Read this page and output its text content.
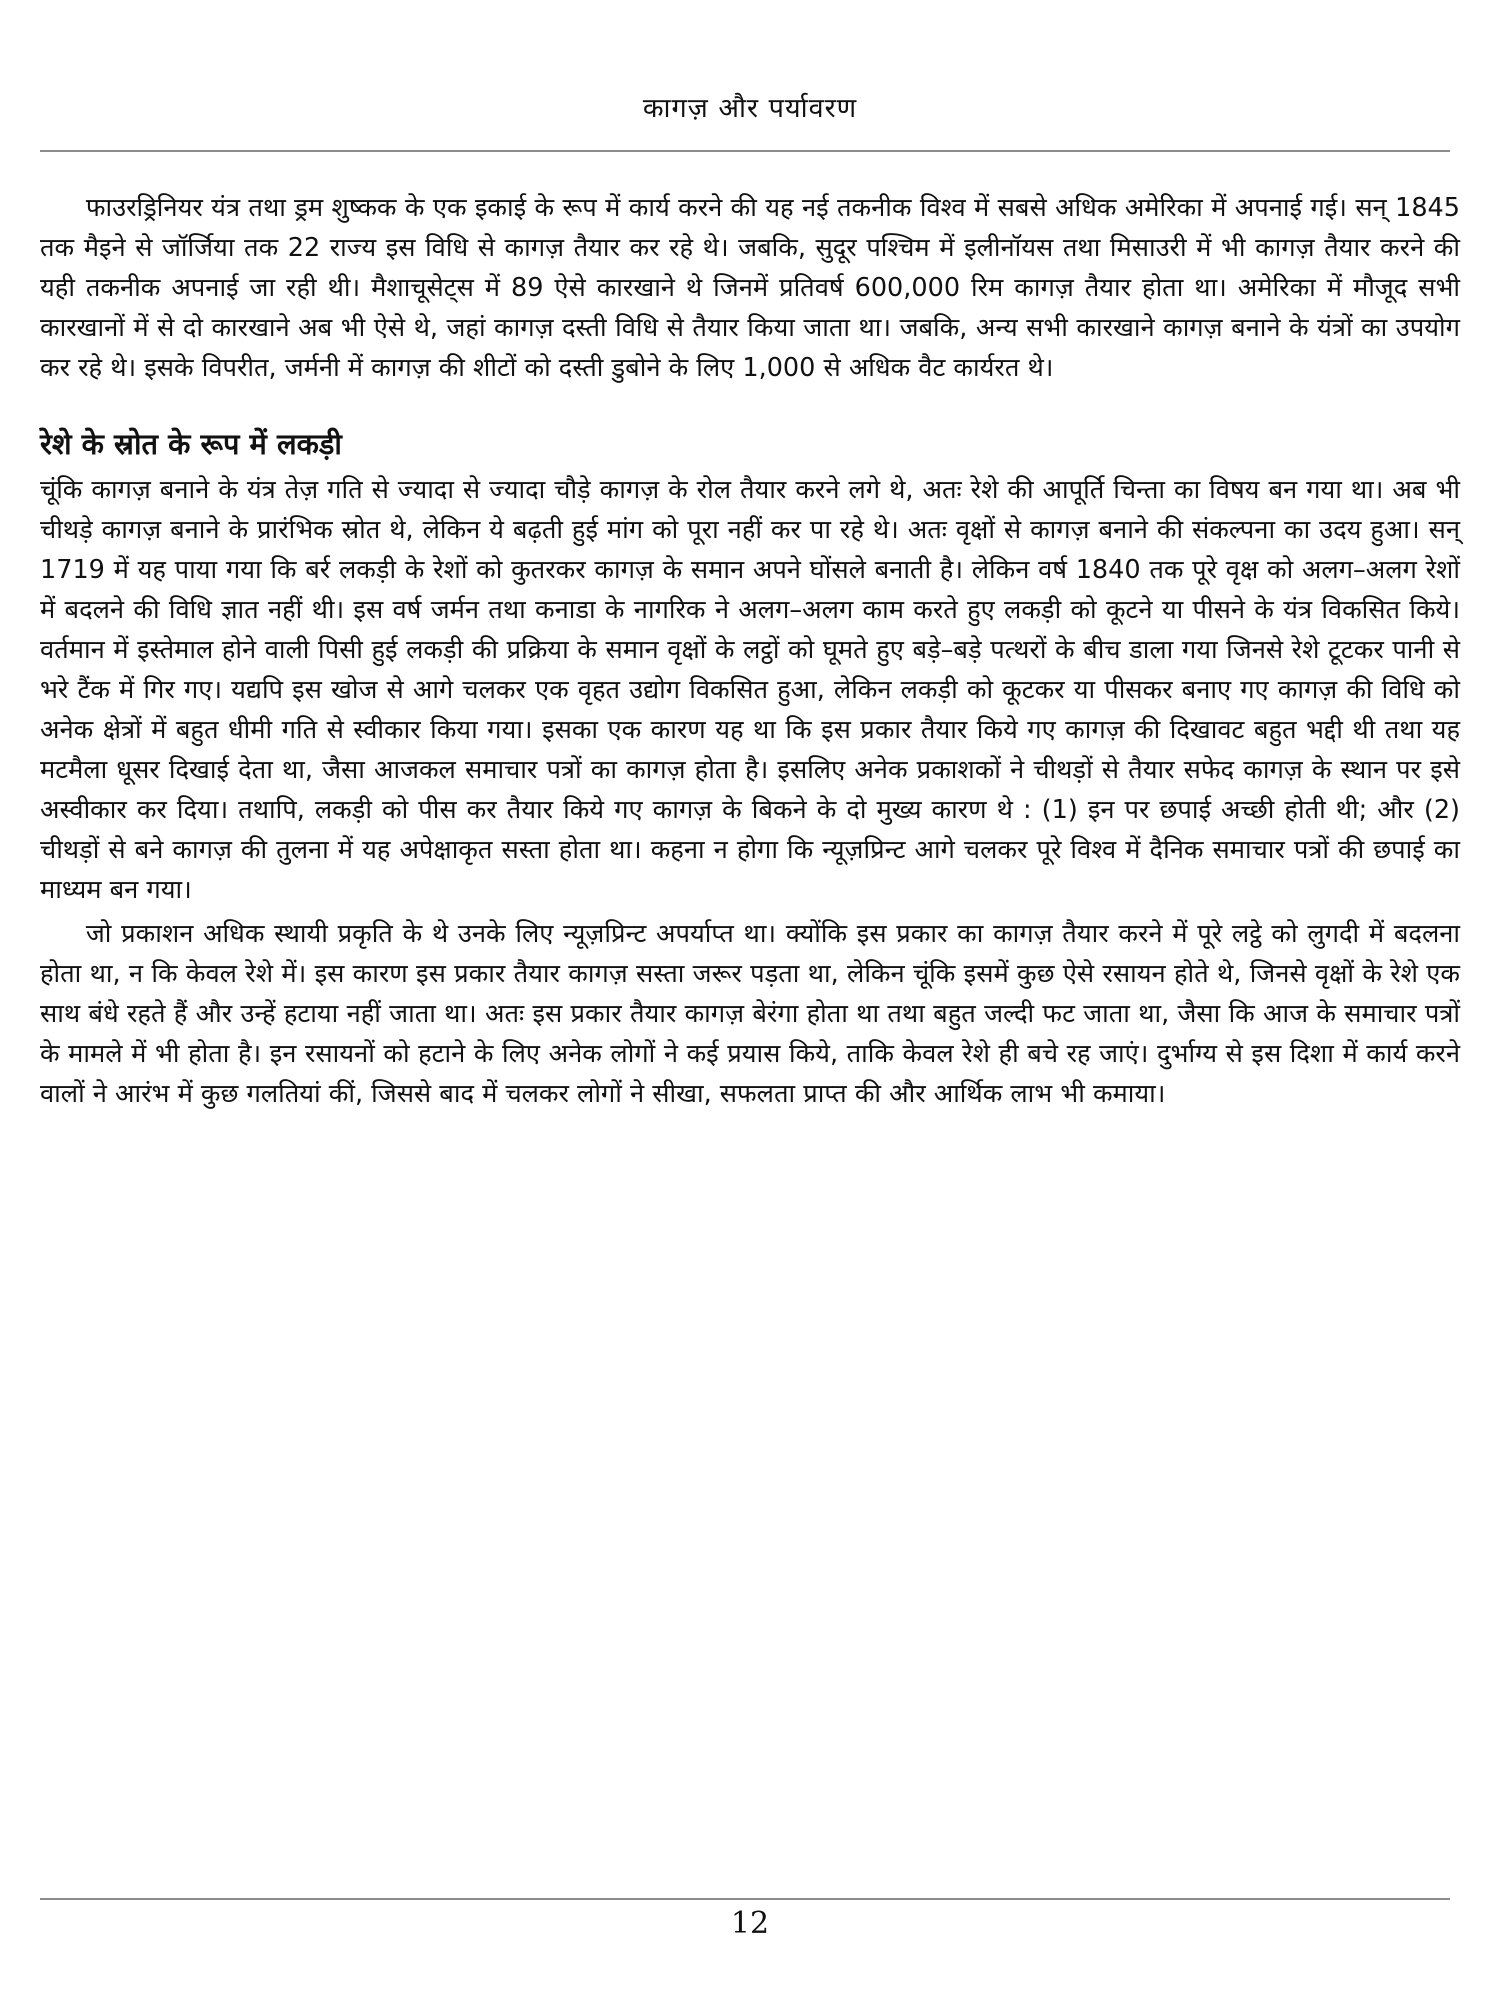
कागज़ और पर्यावरण

फाउरड्रिनियर यंत्र तथा ड्रम शुष्कक के एक इकाई के रूप में कार्य करने की यह नई तकनीक विश्व में सबसे अधिक अमेरिका में अपनाई गई। सन् 1845 तक मैइने से जॉर्जिया तक 22 राज्य इस विधि से कागज़ तैयार कर रहे थे। जबकि, सुदूर पश्चिम में इलीनॉयस तथा मिसाउरी में भी कागज़ तैयार करने की यही तकनीक अपनाई जा रही थी। मैशाचूसेट्स में 89 ऐसे कारखाने थे जिनमें प्रतिवर्ष 600,000 रिम कागज़ तैयार होता था। अमेरिका में मौजूद सभी कारखानों में से दो कारखाने अब भी ऐसे थे, जहां कागज़ दस्ती विधि से तैयार किया जाता था। जबकि, अन्य सभी कारखाने कागज़ बनाने के यंत्रों का उपयोग कर रहे थे। इसके विपरीत, जर्मनी में कागज़ की शीटों को दस्ती डुबोने के लिए 1,000 से अधिक वैट कार्यरत थे।

रेशे के स्रोत के रूप में लकड़ी

चूंकि कागज़ बनाने के यंत्र तेज़ गति से ज्यादा से ज्यादा चौड़े कागज़ के रोल तैयार करने लगे थे, अतः रेशे की आपूर्ति चिन्ता का विषय बन गया था। अब भी चीथड़े कागज़ बनाने के प्रारंभिक स्रोत थे, लेकिन ये बढ़ती हुई मांग को पूरा नहीं कर पा रहे थे। अतः वृक्षों से कागज़ बनाने की संकल्पना का उदय हुआ। सन् 1719 में यह पाया गया कि बर्र लकड़ी के रेशों को कुतरकर कागज़ के समान अपने घोंसले बनाती है। लेकिन वर्ष 1840 तक पूरे वृक्ष को अलग–अलग रेशों में बदलने की विधि ज्ञात नहीं थी। इस वर्ष जर्मन तथा कनाडा के नागरिक ने अलग–अलग काम करते हुए लकड़ी को कूटने या पीसने के यंत्र विकसित किये। वर्तमान में इस्तेमाल होने वाली पिसी हुई लकड़ी की प्रक्रिया के समान वृक्षों के लट्ठों को घूमते हुए बड़े–बड़े पत्थरों के बीच डाला गया जिनसे रेशे टूटकर पानी से भरे टैंक में गिर गए। यद्यपि इस खोज से आगे चलकर एक वृहत उद्योग विकसित हुआ, लेकिन लकड़ी को कूटकर या पीसकर बनाए गए कागज़ की विधि को अनेक क्षेत्रों में बहुत धीमी गति से स्वीकार किया गया। इसका एक कारण यह था कि इस प्रकार तैयार किये गए कागज़ की दिखावट बहुत भद्दी थी तथा यह मटमैला धूसर दिखाई देता था, जैसा आजकल समाचार पत्रों का कागज़ होता है। इसलिए अनेक प्रकाशकों ने चीथड़ों से तैयार सफेद कागज़ के स्थान पर इसे अस्वीकार कर दिया। तथापि, लकड़ी को पीस कर तैयार किये गए कागज़ के बिकने के दो मुख्य कारण थे : (1) इन पर छपाई अच्छी होती थी; और (2) चीथड़ों से बने कागज़ की तुलना में यह अपेक्षाकृत सस्ता होता था। कहना न होगा कि न्यूज़प्रिन्ट आगे चलकर पूरे विश्व में दैनिक समाचार पत्रों की छपाई का माध्यम बन गया।

जो प्रकाशन अधिक स्थायी प्रकृति के थे उनके लिए न्यूज़प्रिन्ट अपर्याप्त था। क्योंकि इस प्रकार का कागज़ तैयार करने में पूरे लट्ठे को लुगदी में बदलना होता था, न कि केवल रेशे में। इस कारण इस प्रकार तैयार कागज़ सस्ता जरूर पड़ता था, लेकिन चूंकि इसमें कुछ ऐसे रसायन होते थे, जिनसे वृक्षों के रेशे एक साथ बंधे रहते हैं और उन्हें हटाया नहीं जाता था। अतः इस प्रकार तैयार कागज़ बेरंगा होता था तथा बहुत जल्दी फट जाता था, जैसा कि आज के समाचार पत्रों के मामले में भी होता है। इन रसायनों को हटाने के लिए अनेक लोगों ने कई प्रयास किये, ताकि केवल रेशे ही बचे रह जाएं। दुर्भाग्य से इस दिशा में कार्य करने वालों ने आरंभ में कुछ गलतियां कीं, जिससे बाद में चलकर लोगों ने सीखा, सफलता प्राप्त की और आर्थिक लाभ भी कमाया।

12
